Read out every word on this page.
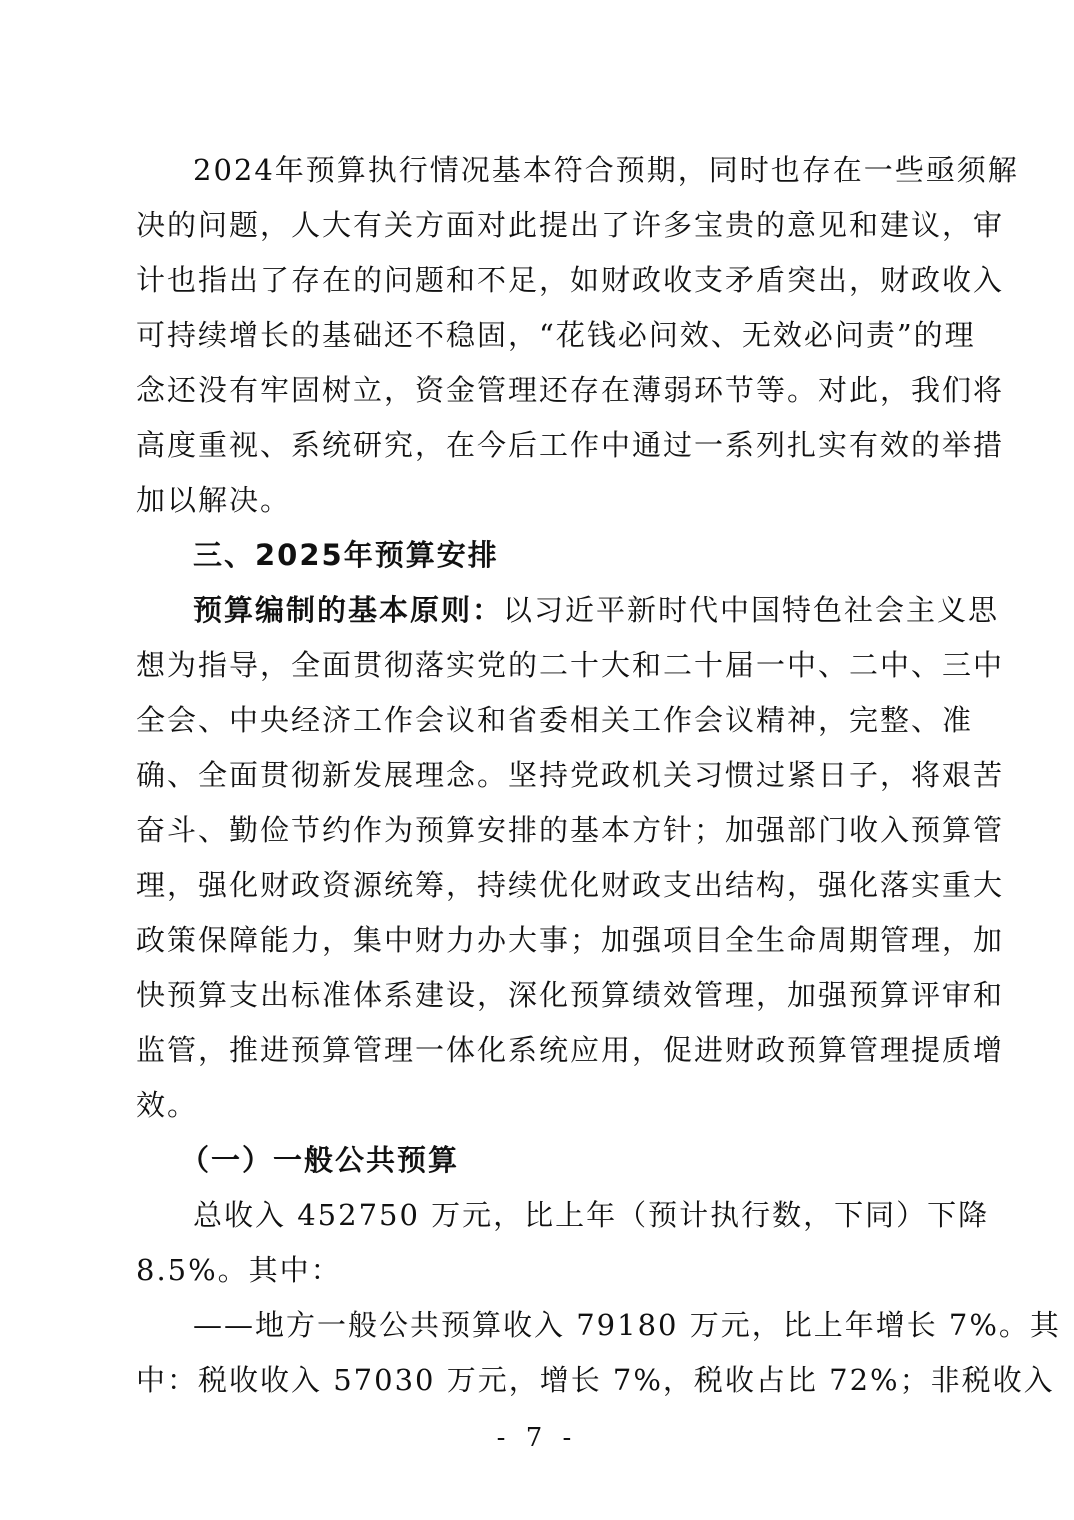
2024年预算执行情况基本符合预期，同时也存在一些亟须解
决的问题，人大有关方面对此提出了许多宝贵的意见和建议，审
计也指出了存在的问题和不足，如财政收支矛盾突出，财政收入
可持续增长的基础还不稳固，“花钱必问效、无效必问责”的理
念还没有牢固树立，资金管理还存在薄弱环节等。对此，我们将
高度重视、系统研究，在今后工作中通过一系列扎实有效的举措
加以解决。
三、2025年预算安排
预算编制的基本原则：以习近平新时代中国特色社会主义思
想为指导，全面贯彻落实党的二十大和二十届一中、二中、三中
全会、中央经济工作会议和省委相关工作会议精神，完整、准
确、全面贯彻新发展理念。坚持党政机关习惯过紧日子，将艰苦
奋斗、勤俭节约作为预算安排的基本方针；加强部门收入预算管
理，强化财政资源统筹，持续优化财政支出结构，强化落实重大
政策保障能力，集中财力办大事；加强项目全生命周期管理，加
快预算支出标准体系建设，深化预算绩效管理，加强预算评审和
监管，推进预算管理一体化系统应用，促进财政预算管理提质增
效。
（一）一般公共预算
总收入 452750 万元，比上年（预计执行数，下同）下降
8.5%。其中：
——地方一般公共预算收入 79180 万元，比上年增长 7%。其
中：税收收入 57030 万元，增长 7%，税收占比 72%；非税收入
- 7 -
